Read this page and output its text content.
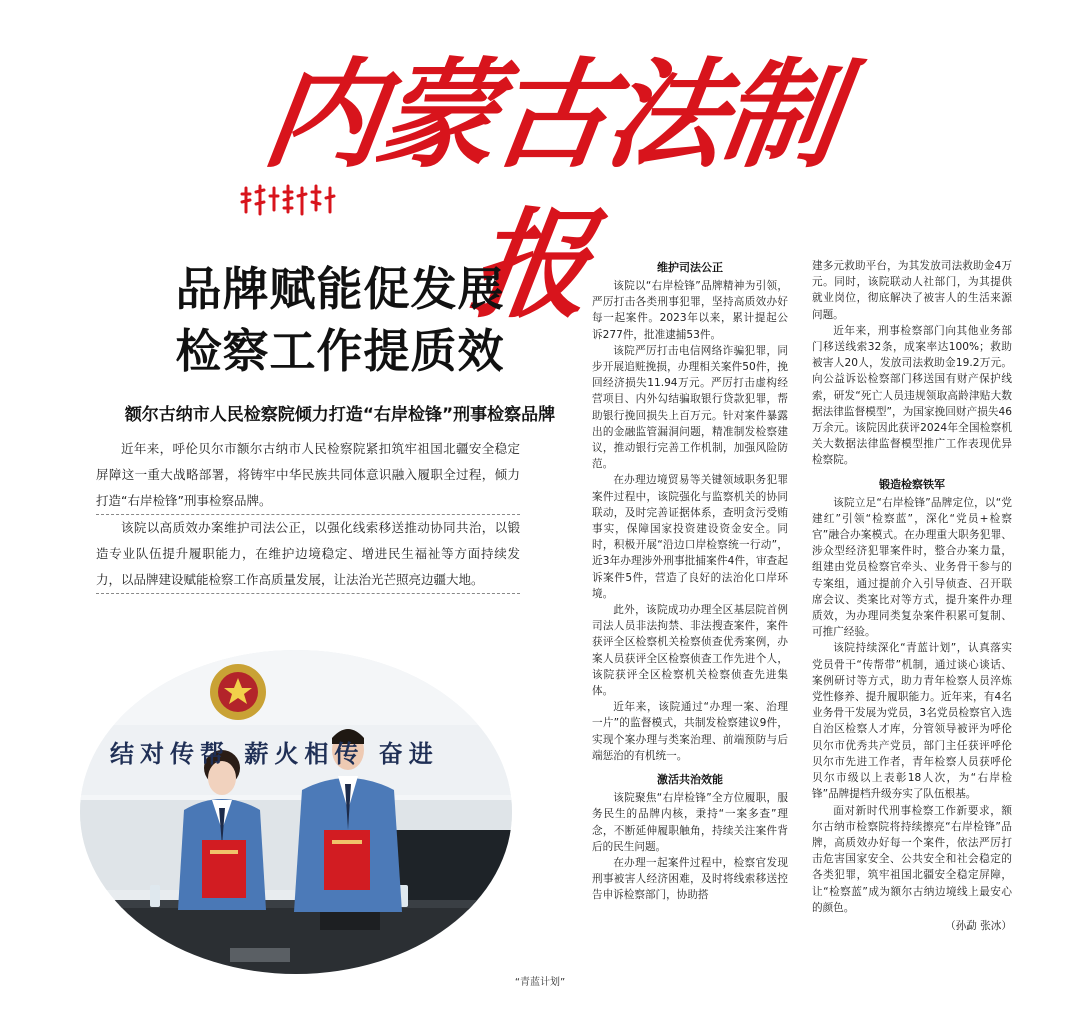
内蒙古法制报
品牌赋能促发展
检察工作提质效
额尔古纳市人民检察院倾力打造“右岸检锋”刑事检察品牌

近年来，呼伦贝尔市额尔古纳市人民检察院紧扣筑牢祖国北疆安全稳定屏障这一重大战略部署，将铸牢中华民族共同体意识融入履职全过程，倾力打造“右岸检锋”刑事检察品牌。

该院以高质效办案维护司法公正，以强化线索移送推动协同共治，以锻造专业队伍提升履职能力，在维护边境稳定、增进民生福祉等方面持续发力，以品牌建设赋能检察工作高质量发展，让法治光芒照亮边疆大地。

结对传帮 薪火相传 奋进
“青蓝计划”
维护司法公正

该院以“右岸检锋”品牌精神为引领，严厉打击各类刑事犯罪，坚持高质效办好每一起案件。2023年以来，累计提起公诉277件，批准逮捕53件。

该院严厉打击电信网络诈骗犯罪，同步开展追赃挽损，办理相关案件50件，挽回经济损失11.94万元。严厉打击虚构经营项目、内外勾结骗取银行贷款犯罪，帮助银行挽回损失上百万元。针对案件暴露出的金融监管漏洞问题，精准制发检察建议，推动银行完善工作机制，加强风险防范。

在办理边境贸易等关键领域职务犯罪案件过程中，该院强化与监察机关的协同联动，及时完善证据体系，查明贪污受贿事实，保障国家投资建设资金安全。同时，积极开展“沿边口岸检察统一行动”，近3年办理涉外刑事批捕案件4件，审查起诉案件5件，营造了良好的法治化口岸环境。

此外，该院成功办理全区基层院首例司法人员非法拘禁、非法搜查案件，案件获评全区检察机关检察侦查优秀案例，办案人员获评全区检察侦查工作先进个人，该院获评全区检察机关检察侦查先进集体。

近年来，该院通过“办理一案、治理一片”的监督模式，共制发检察建议9件，实现个案办理与类案治理、前端预防与后端惩治的有机统一。

激活共治效能

该院聚焦“右岸检锋”全方位履职，服务民生的品牌内核，秉持“一案多查”理念，不断延伸履职触角，持续关注案件背后的民生问题。

在办理一起案件过程中，检察官发现刑事被害人经济困难，及时将线索移送控告申诉检察部门，协助搭

建多元救助平台，为其发放司法救助金4万元。同时，该院联动人社部门，为其提供就业岗位，彻底解决了被害人的生活来源问题。

近年来，刑事检察部门向其他业务部门移送线索32条，成案率达100%；救助被害人20人，发放司法救助金19.2万元。向公益诉讼检察部门移送国有财产保护线索，研发“死亡人员违规领取高龄津贴大数据法律监督模型”，为国家挽回财产损失46万余元。该院因此获评2024年全国检察机关大数据法律监督模型推广工作表现优异检察院。

锻造检察铁军

该院立足“右岸检锋”品牌定位，以“党建红”引领“检察蓝”，深化“党员+检察官”融合办案模式。在办理重大职务犯罪、涉众型经济犯罪案件时，整合办案力量，组建由党员检察官牵头、业务骨干参与的专案组，通过提前介入引导侦查、召开联席会议、类案比对等方式，提升案件办理质效，为办理同类复杂案件积累可复制、可推广经验。

该院持续深化“青蓝计划”，认真落实党员骨干“传帮带”机制，通过谈心谈话、案例研讨等方式，助力青年检察人员淬炼党性修养、提升履职能力。近年来，有4名业务骨干发展为党员，3名党员检察官入选自治区检察人才库，分管领导被评为呼伦贝尔市优秀共产党员，部门主任获评呼伦贝尔市先进工作者，青年检察人员获呼伦贝尔市级以上表彰18人次，为“右岸检锋”品牌提档升级夯实了队伍根基。

面对新时代刑事检察工作新要求，额尔古纳市检察院将持续擦亮“右岸检锋”品牌，高质效办好每一个案件，依法严厉打击危害国家安全、公共安全和社会稳定的各类犯罪，筑牢祖国北疆安全稳定屏障，让“检察蓝”成为额尔古纳边境线上最安心的颜色。

（孙勐 张冰）
